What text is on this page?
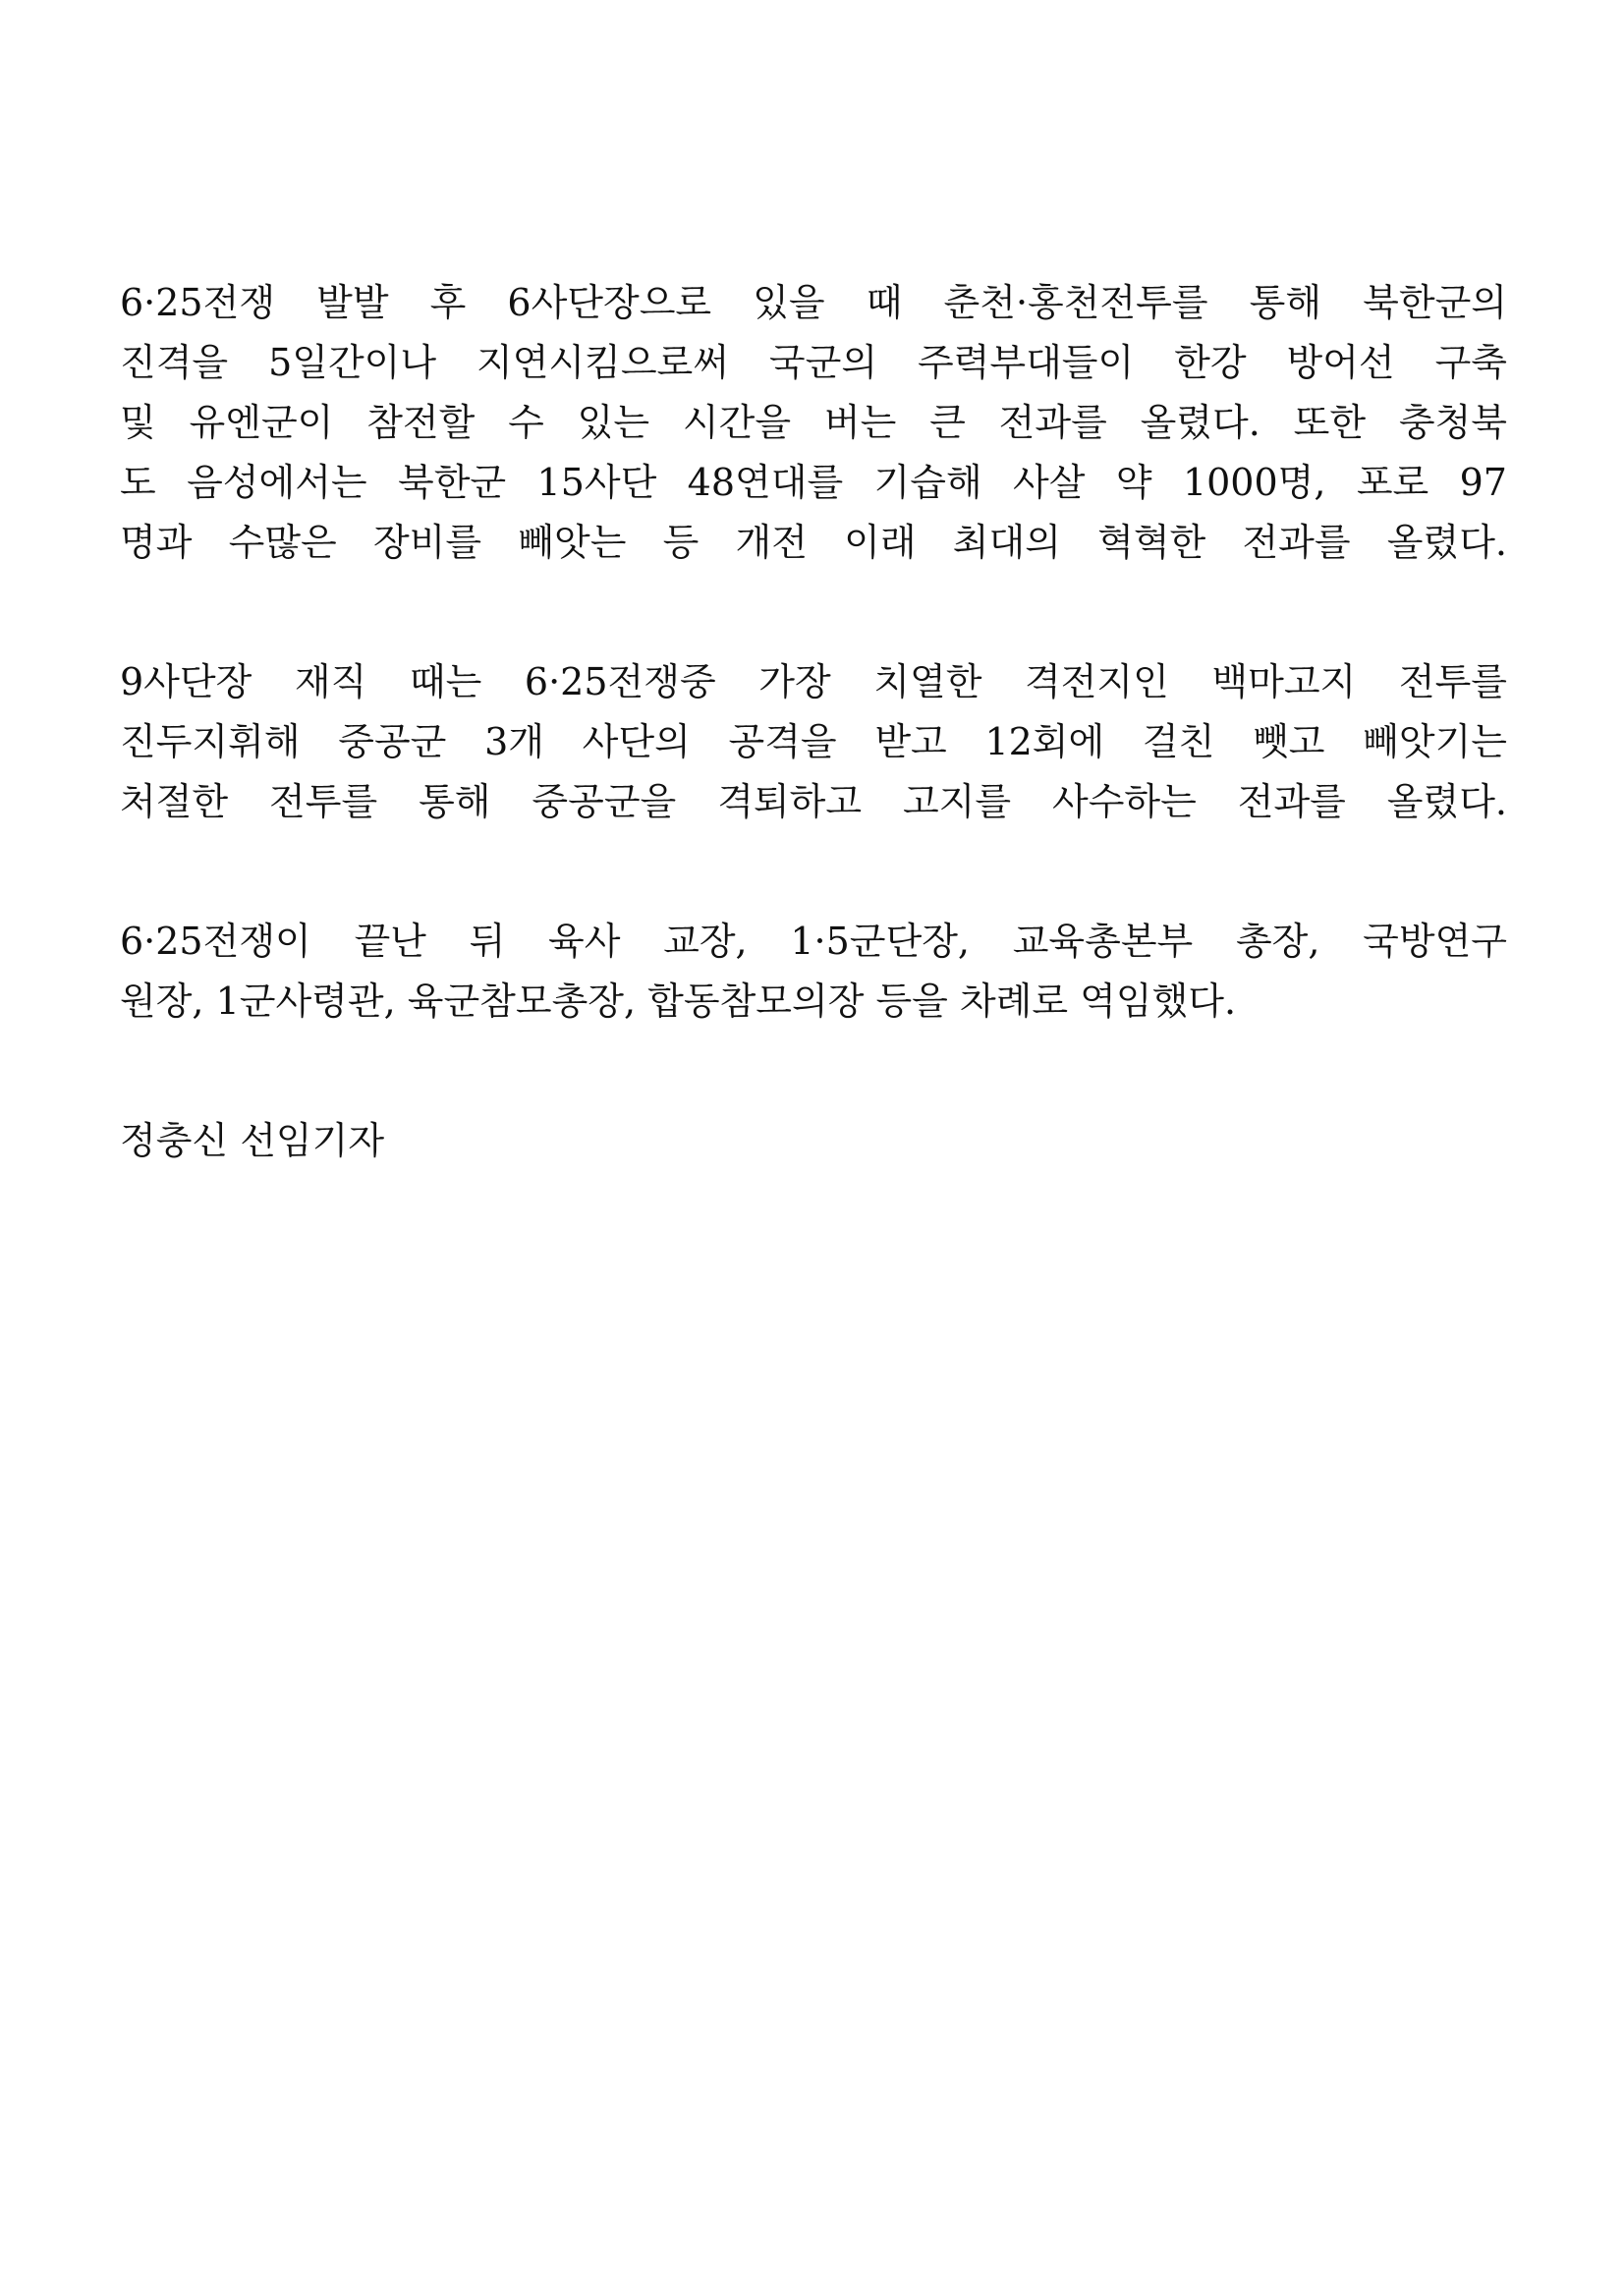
6·25전쟁 발발 후 6사단장으로 있을 때 춘천·홍천전투를 통해 북한군의
진격을 5일간이나 지연시킴으로써 국군의 주력부대들이 한강 방어선 구축
및 유엔군이 참전할 수 있는 시간을 버는 큰 전과를 올렸다. 또한 충청북
도 음성에서는 북한군 15사단 48연대를 기습해 사살 약 1000명, 포로 97
명과 수많은 장비를 빼앗는 등 개전 이래 최대의 혁혁한 전과를 올렸다.
9사단장 재직 때는 6·25전쟁중 가장 치열한 격전지인 백마고지 전투를
진두지휘해 중공군 3개 사단의 공격을 받고 12회에 걸친 뺏고 빼앗기는
처절한 전투를 통해 중공군을 격퇴하고 고지를 사수하는 전과를 올렸다.
6·25전쟁이 끝난 뒤 육사 교장, 1·5군단장, 교육총본부 총장, 국방연구
원장, 1군사령관, 육군참모총장, 합동참모의장 등을 차례로 역임했다.
정충신 선임기자
